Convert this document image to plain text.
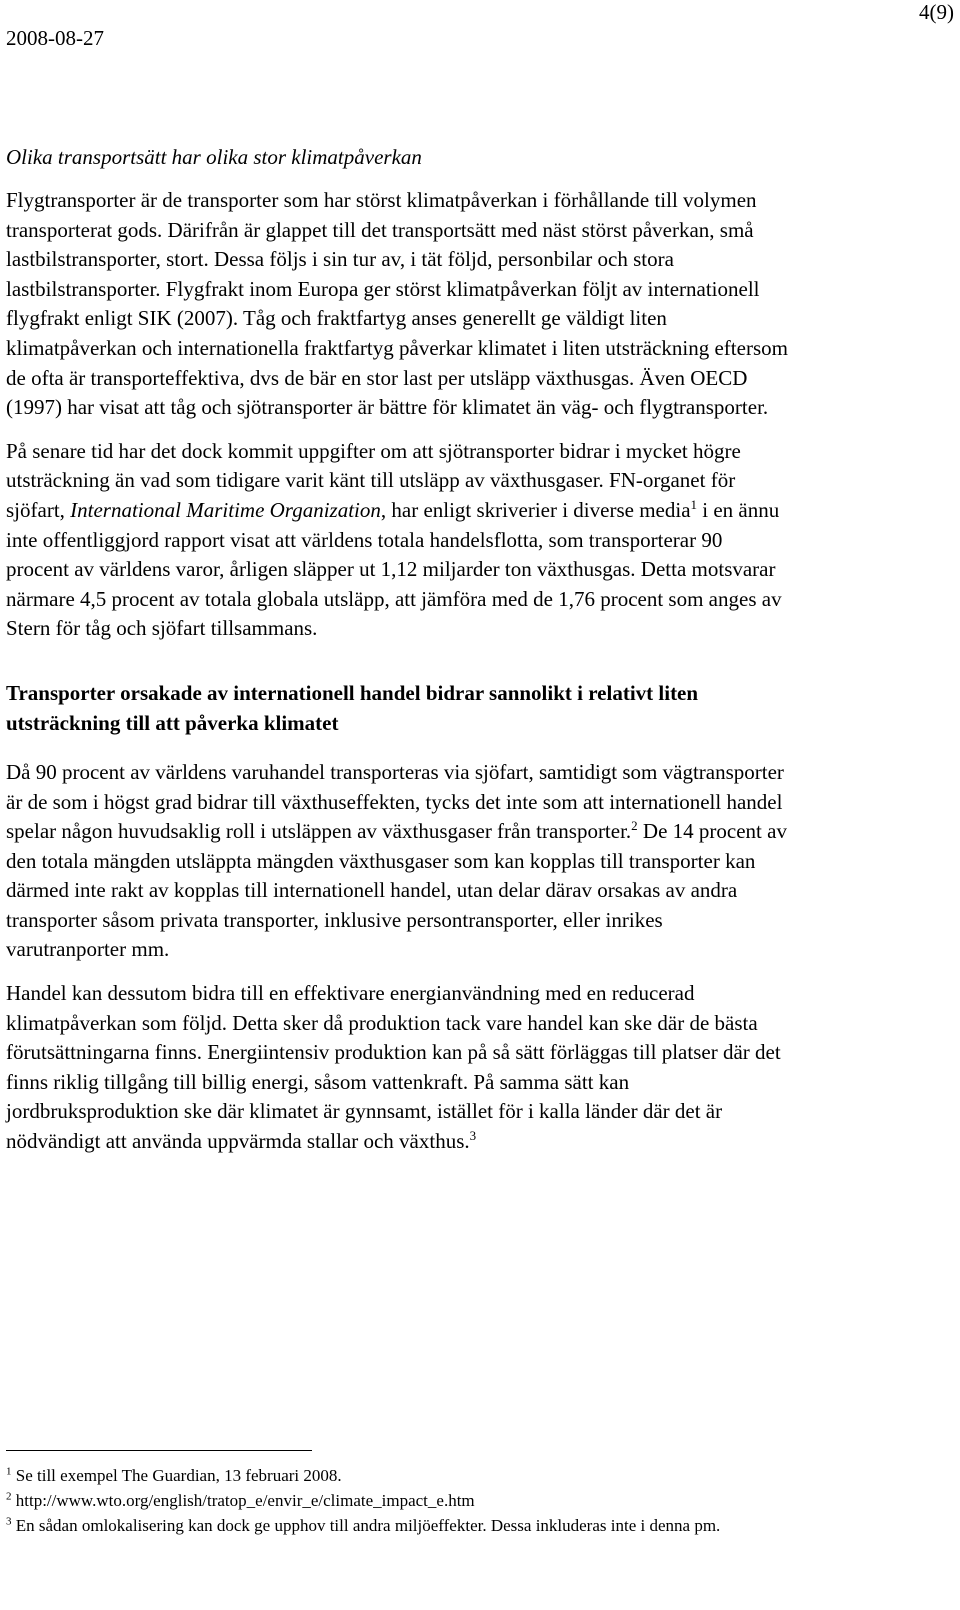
2008-08-27
4(9)
Olika transportsätt har olika stor klimatpåverkan

Flygtransporter är de transporter som har störst klimatpåverkan i förhållande till volymen transporterat gods. Därifrån är glappet till det transportsätt med näst störst påverkan, små lastbilstransporter, stort. Dessa följs i sin tur av, i tät följd, personbilar och stora lastbilstransporter. Flygfrakt inom Europa ger störst klimatpåverkan följt av internationell flygfrakt enligt SIK (2007). Tåg och fraktfartyg anses generellt ge väldigt liten klimatpåverkan och internationella fraktfartyg påverkar klimatet i liten utsträckning eftersom de ofta är transporteffektiva, dvs de bär en stor last per utsläpp växthusgas. Även OECD (1997) har visat att tåg och sjötransporter är bättre för klimatet än väg- och flygtransporter.

På senare tid har det dock kommit uppgifter om att sjötransporter bidrar i mycket högre utsträckning än vad som tidigare varit känt till utsläpp av växthusgaser. FN-organet för sjöfart, International Maritime Organization, har enligt skriverier i diverse media$^1$ i en ännu inte offentliggjord rapport visat att världens totala handelsflotta, som transporterar 90 procent av världens varor, årligen släpper ut 1,12 miljarder ton växthusgas. Detta motsvarar närmare 4,5 procent av totala globala utsläpp, att jämföra med de 1,76 procent som anges av Stern för tåg och sjöfart tillsammans.

Transporter orsakade av internationell handel bidrar sannolikt i relativt liten utsträckning till att påverka klimatet

Då 90 procent av världens varuhandel transporteras via sjöfart, samtidigt som vägtransporter är de som i högst grad bidrar till växthuseffekten, tycks det inte som att internationell handel spelar någon huvudsaklig roll i utsläppen av växthusgaser från transporter.$^2$ De 14 procent av den totala mängden utsläppta mängden växthusgaser som kan kopplas till transporter kan därmed inte rakt av kopplas till internationell handel, utan delar därav orsakas av andra transporter såsom privata transporter, inklusive persontransporter, eller inrikes varutranporter mm.

Handel kan dessutom bidra till en effektivare energianvändning med en reducerad klimatpåverkan som följd. Detta sker då produktion tack vare handel kan ske där de bästa förutsättningarna finns. Energiintensiv produktion kan på så sätt förläggas till platser där det finns riklig tillgång till billig energi, såsom vattenkraft. På samma sätt kan jordbruksproduktion ske där klimatet är gynnsamt, istället för i kalla länder där det är nödvändigt att använda uppvärmda stallar och växthus.$^3$

$^1$ Se till exempel The Guardian, 13 februari 2008.
$^2$ http://www.wto.org/english/tratop_e/envir_e/climate_impact_e.htm
$^3$ En sådan omlokalisering kan dock ge upphov till andra miljöeffekter. Dessa inkluderas inte i denna pm.
